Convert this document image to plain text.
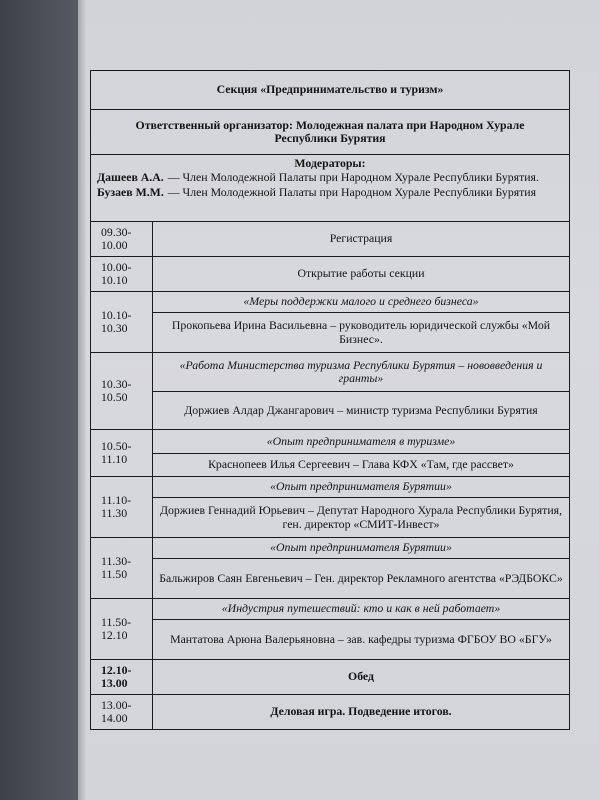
Секция «Предпринимательство и туризм»
Ответственный организатор: Молодежная палата при Народном Хурале Республики Бурятия
Модераторы:
Дашеев А.А. — Член Молодежной Палаты при Народном Хурале Республики Бурятия.
Бузаев М.М. — Член Молодежной Палаты при Народном Хурале Республики Бурятия
09.30-
10.00	Регистрация
10.00-
10.10	Открытие работы секции
10.10-
10.30
«Меры поддержки малого и среднего бизнеса»
Прокопьева Ирина Васильевна – руководитель юридической службы «Мой Бизнес».
10.30-
10.50
«Работа Министерства туризма Республики Бурятия – нововведения и гранты»
Доржиев Алдар Джангарович – министр туризма Республики Бурятия
10.50-
11.10
«Опыт предпринимателя в туризме»
Краснопеев Илья Сергеевич – Глава КФХ «Там, где рассвет»
11.10-
11.30
«Опыт предпринимателя Бурятии»
Доржиев Геннадий Юрьевич – Депутат Народного Хурала Республики Бурятия, ген. директор «СМИТ-Инвест»
11.30-
11.50
«Опыт предпринимателя Бурятии»
Бальжиров Саян Евгеньевич – Ген. директор Рекламного агентства «РЭДБОКС»
11.50-
12.10
«Индустрия путешествий: кто и как в ней работает»
Мантатова Арюна Валерьяновна – зав. кафедры туризма ФГБОУ ВО «БГУ»
12.10-
13.00	Обед
13.00-
14.00	Деловая игра. Подведение итогов.
